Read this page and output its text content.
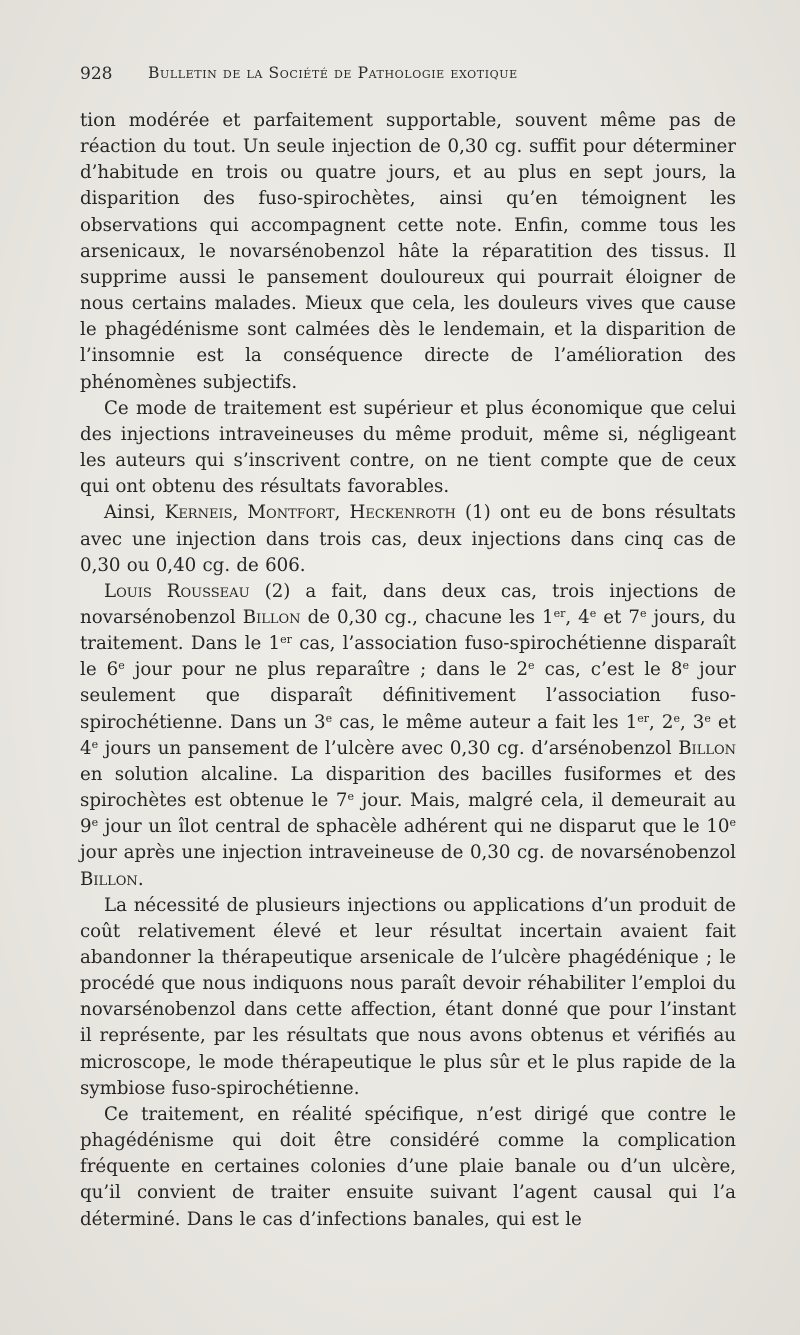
928 Bulletin de la Société de Pathologie exotique

tion modérée et parfaitement supportable, souvent même pas de réaction du tout. Un seule injection de 0,30 cg. suffit pour déterminer d’habitude en trois ou quatre jours, et au plus en sept jours, la disparition des fuso-spirochètes, ainsi qu’en témoignent les observations qui accompagnent cette note. Enfin, comme tous les arsenicaux, le novarsénobenzol hâte la réparatition des tissus. Il supprime aussi le pansement douloureux qui pourrait éloigner de nous certains malades. Mieux que cela, les douleurs vives que cause le phagédénisme sont calmées dès le lendemain, et la disparition de l’insomnie est la conséquence directe de l’amélioration des phénomènes subjectifs.

Ce mode de traitement est supérieur et plus économique que celui des injections intraveineuses du même produit, même si, négligeant les auteurs qui s’inscrivent contre, on ne tient compte que de ceux qui ont obtenu des résultats favorables.

Ainsi, Kerneis, Montfort, Heckenroth (1) ont eu de bons résultats avec une injection dans trois cas, deux injections dans cinq cas de 0,30 ou 0,40 cg. de 606.

Louis Rousseau (2) a fait, dans deux cas, trois injections de novarsénobenzol Billon de 0,30 cg., chacune les 1er, 4e et 7e jours, du traitement. Dans le 1er cas, l’association fuso-spirochétienne disparaît le 6e jour pour ne plus reparaître ; dans le 2e cas, c’est le 8e jour seulement que disparaît définitivement l’association fuso-spirochétienne. Dans un 3e cas, le même auteur a fait les 1er, 2e, 3e et 4e jours un pansement de l’ulcère avec 0,30 cg. d’arsénobenzol Billon en solution alcaline. La disparition des bacilles fusiformes et des spirochètes est obtenue le 7e jour. Mais, malgré cela, il demeurait au 9e jour un îlot central de sphacèle adhérent qui ne disparut que le 10e jour après une injection intraveineuse de 0,30 cg. de novarsénobenzol Billon.

La nécessité de plusieurs injections ou applications d’un produit de coût relativement élevé et leur résultat incertain avaient fait abandonner la thérapeutique arsenicale de l’ulcère phagédénique ; le procédé que nous indiquons nous paraît devoir réhabiliter l’emploi du novarsénobenzol dans cette affection, étant donné que pour l’instant il représente, par les résultats que nous avons obtenus et vérifiés au microscope, le mode thérapeutique le plus sûr et le plus rapide de la symbiose fuso-spirochétienne.

Ce traitement, en réalité spécifique, n’est dirigé que contre le phagédénisme qui doit être considéré comme la complication fréquente en certaines colonies d’une plaie banale ou d’un ulcère, qu’il convient de traiter ensuite suivant l’agent causal qui l’a déterminé. Dans le cas d’infections banales, qui est le
